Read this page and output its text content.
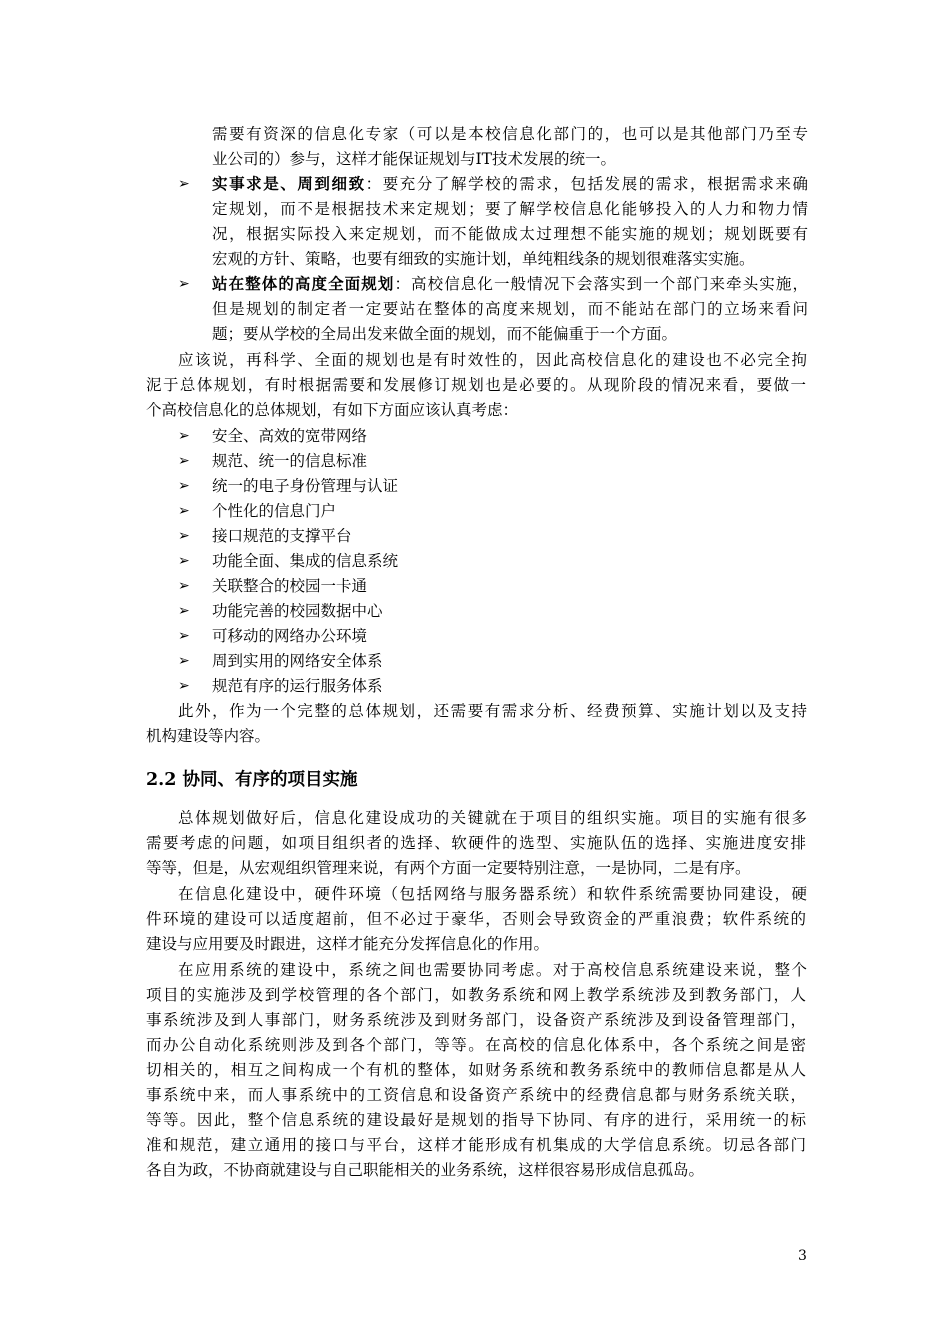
需要有资深的信息化专家（可以是本校信息化部门的，也可以是其他部门乃至专
业公司的）参与，这样才能保证规划与IT技术发展的统一。
➢ 实事求是、周到细致：要充分了解学校的需求，包括发展的需求，根据需求来确
定规划，而不是根据技术来定规划；要了解学校信息化能够投入的人力和物力情
况，根据实际投入来定规划，而不能做成太过理想不能实施的规划；规划既要有
宏观的方针、策略，也要有细致的实施计划，单纯粗线条的规划很难落实实施。
➢ 站在整体的高度全面规划：高校信息化一般情况下会落实到一个部门来牵头实施，
但是规划的制定者一定要站在整体的高度来规划，而不能站在部门的立场来看问
题；要从学校的全局出发来做全面的规划，而不能偏重于一个方面。
应该说，再科学、全面的规划也是有时效性的，因此高校信息化的建设也不必完全拘
泥于总体规划，有时根据需要和发展修订规划也是必要的。从现阶段的情况来看，要做一
个高校信息化的总体规划，有如下方面应该认真考虑：
➢ 安全、高效的宽带网络
➢ 规范、统一的信息标准
➢ 统一的电子身份管理与认证
➢ 个性化的信息门户
➢ 接口规范的支撑平台
➢ 功能全面、集成的信息系统
➢ 关联整合的校园一卡通
➢ 功能完善的校园数据中心
➢ 可移动的网络办公环境
➢ 周到实用的网络安全体系
➢ 规范有序的运行服务体系
此外，作为一个完整的总体规划，还需要有需求分析、经费预算、实施计划以及支持
机构建设等内容。
2.2 协同、有序的项目实施
总体规划做好后，信息化建设成功的关键就在于项目的组织实施。项目的实施有很多
需要考虑的问题，如项目组织者的选择、软硬件的选型、实施队伍的选择、实施进度安排
等等，但是，从宏观组织管理来说，有两个方面一定要特别注意，一是协同，二是有序。
在信息化建设中，硬件环境（包括网络与服务器系统）和软件系统需要协同建设，硬
件环境的建设可以适度超前，但不必过于豪华，否则会导致资金的严重浪费；软件系统的
建设与应用要及时跟进，这样才能充分发挥信息化的作用。
在应用系统的建设中，系统之间也需要协同考虑。对于高校信息系统建设来说，整个
项目的实施涉及到学校管理的各个部门，如教务系统和网上教学系统涉及到教务部门，人
事系统涉及到人事部门，财务系统涉及到财务部门，设备资产系统涉及到设备管理部门，
而办公自动化系统则涉及到各个部门，等等。在高校的信息化体系中，各个系统之间是密
切相关的，相互之间构成一个有机的整体，如财务系统和教务系统中的教师信息都是从人
事系统中来，而人事系统中的工资信息和设备资产系统中的经费信息都与财务系统关联，
等等。因此，整个信息系统的建设最好是规划的指导下协同、有序的进行，采用统一的标
准和规范，建立通用的接口与平台，这样才能形成有机集成的大学信息系统。切忌各部门
各自为政，不协商就建设与自己职能相关的业务系统，这样很容易形成信息孤岛。
3
